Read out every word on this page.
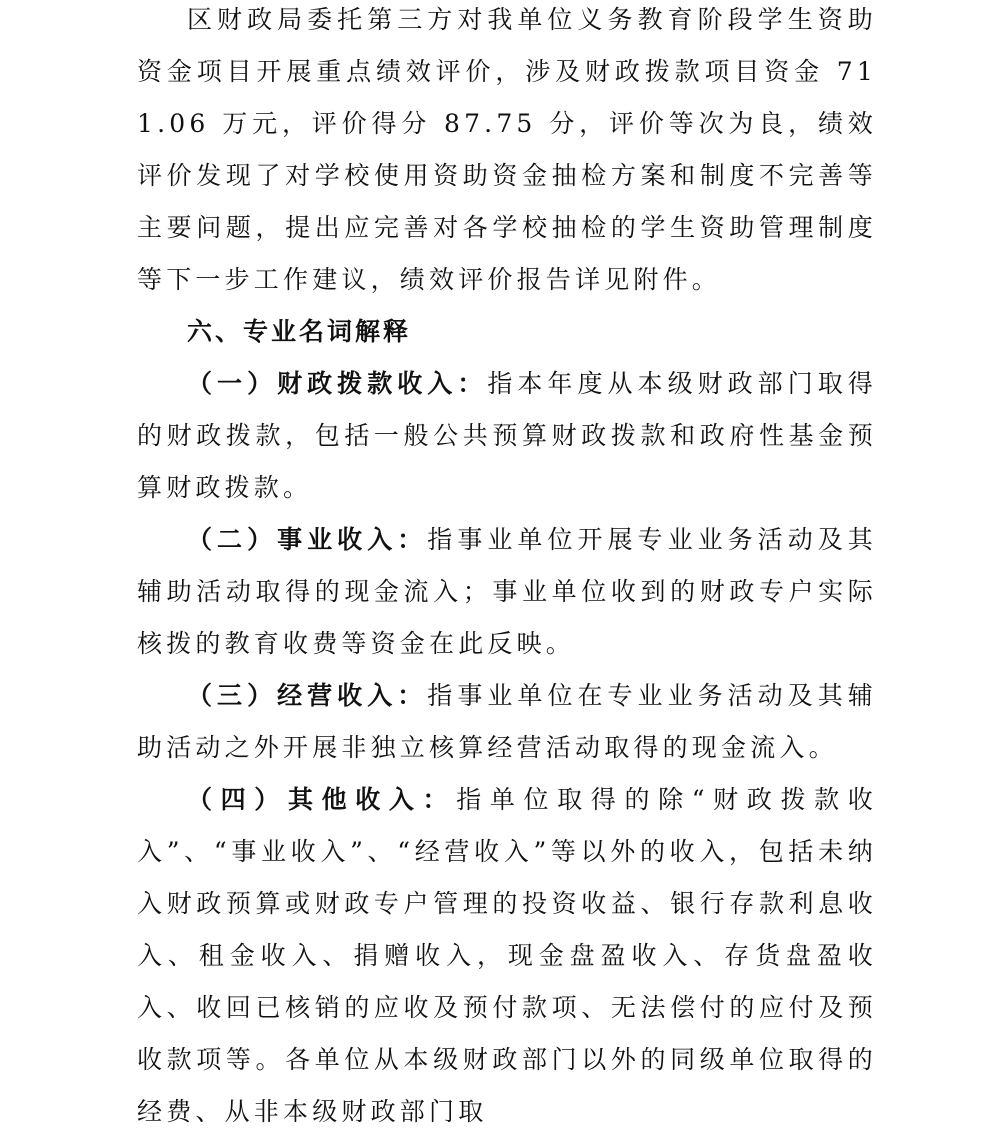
区财政局委托第三方对我单位义务教育阶段学生资助资金项目开展重点绩效评价，涉及财政拨款项目资金 711.06 万元，评价得分 87.75 分，评价等次为良，绩效评价发现了对学校使用资助资金抽检方案和制度不完善等主要问题，提出应完善对各学校抽检的学生资助管理制度等下一步工作建议，绩效评价报告详见附件。

六、专业名词解释

（一）财政拨款收入：指本年度从本级财政部门取得的财政拨款，包括一般公共预算财政拨款和政府性基金预算财政拨款。

（二）事业收入：指事业单位开展专业业务活动及其辅助活动取得的现金流入；事业单位收到的财政专户实际核拨的教育收费等资金在此反映。

（三）经营收入：指事业单位在专业业务活动及其辅助活动之外开展非独立核算经营活动取得的现金流入。

（四）其他收入：指单位取得的除“财政拨款收入”、“事业收入”、“经营收入”等以外的收入，包括未纳入财政预算或财政专户管理的投资收益、银行存款利息收入、租金收入、捐赠收入，现金盘盈收入、存货盘盈收入、收回已核销的应收及预付款项、无法偿付的应付及预收款项等。各单位从本级财政部门以外的同级单位取得的经费、从非本级财政部门取
